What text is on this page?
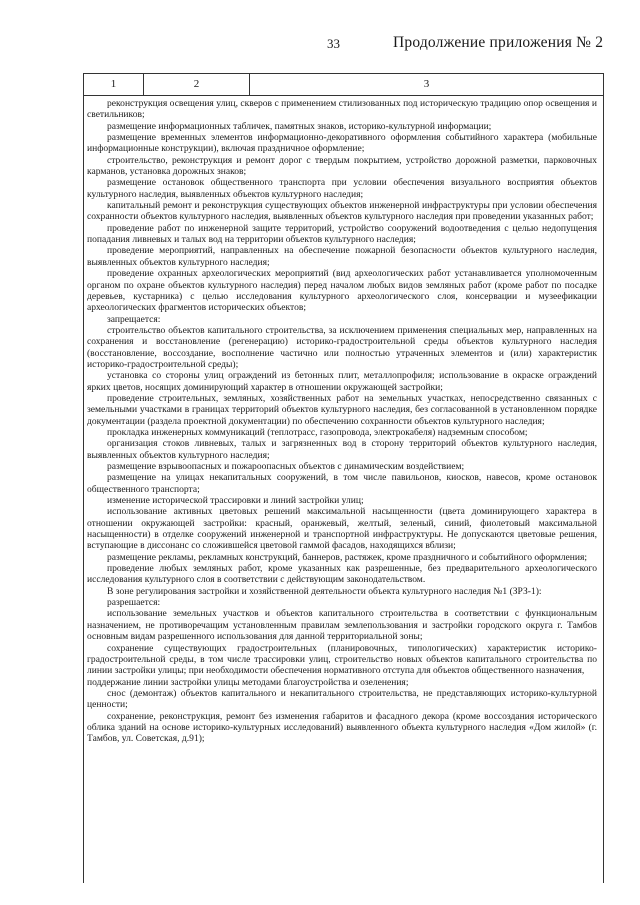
33	Продолжение приложения № 2
1	2	3

реконструкция освещения улиц, скверов с применением стилизованных под историческую традицию опор освещения и светильников;

размещение информационных табличек, памятных знаков, историко-культурной информации;

размещение временных элементов информационно-декоративного оформления событийного характера (мобильные информационные конструкции), включая праздничное оформление;

строительство, реконструкция и ремонт дорог с твердым покрытием, устройство дорожной разметки, парковочных карманов, установка дорожных знаков;

размещение остановок общественного транспорта при условии обеспечения визуального восприятия объектов культурного наследия, выявленных объектов культурного наследия;

капитальный ремонт и реконструкция существующих объектов инженерной инфраструктуры при условии обеспечения сохранности объектов культурного наследия, выявленных объектов культурного наследия при проведении указанных работ;

проведение работ по инженерной защите территорий, устройство сооружений водоотведения с целью недопущения попадания ливневых и талых вод на территории объектов культурного наследия;

проведение мероприятий, направленных на обеспечение пожарной безопасности объектов культурного наследия, выявленных объектов культурного наследия;

проведение охранных археологических мероприятий (вид археологических работ устанавливается уполномоченным органом по охране объектов культурного наследия) перед началом любых видов земляных работ (кроме работ по посадке деревьев, кустарника) с целью исследования культурного археологического слоя, консервации и музеефикации археологических фрагментов исторических объектов;

запрещается:

строительство объектов капитального строительства, за исключением применения специальных мер, направленных на сохранения и восстановление (регенерацию) историко-градостроительной среды объектов культурного наследия (восстановление, воссоздание, восполнение частично или полностью утраченных элементов и (или) характеристик историко-градостроительной среды);

установка со стороны улиц ограждений из бетонных плит, металлопрофиля; использование в окраске ограждений ярких цветов, носящих доминирующий характер в отношении окружающей застройки;

проведение строительных, земляных, хозяйственных работ на земельных участках, непосредственно связанных с земельными участками в границах территорий объектов культурного наследия, без согласованной в установленном порядке документации (раздела проектной документации) по обеспечению сохранности объектов культурного наследия;

прокладка инженерных коммуникаций (теплотрасс, газопровода, электрокабеля) надземным способом;

организация стоков ливневых, талых и загрязненных вод в сторону территорий объектов культурного наследия, выявленных объектов культурного наследия;

размещение взрывоопасных и пожароопасных объектов с динамическим воздействием;

размещение на улицах некапитальных сооружений, в том числе павильонов, киосков, навесов, кроме остановок общественного транспорта;

изменение исторической трассировки и линий застройки улиц;

использование активных цветовых решений максимальной насыщенности (цвета доминирующего характера в отношении окружающей застройки: красный, оранжевый, желтый, зеленый, синий, фиолетовый максимальной насыщенности) в отделке сооружений инженерной и транспортной инфраструктуры. Не допускаются цветовые решения, вступающие в диссонанс со сложившейся цветовой гаммой фасадов, находящихся вблизи;

размещение рекламы, рекламных конструкций, баннеров, растяжек, кроме праздничного и событийного оформления;

проведение любых земляных работ, кроме указанных как разрешенные, без предварительного археологического исследования культурного слоя в соответствии с действующим законодательством.

В зоне регулирования застройки и хозяйственной деятельности объекта культурного наследия №1 (ЗРЗ-1):

разрешается:

использование земельных участков и объектов капитального строительства в соответствии с функциональным назначением, не противоречащим установленным правилам землепользования и застройки городского округа г. Тамбов основным видам разрешенного использования для данной территориальной зоны;

сохранение существующих градостроительных (планировочных, типологических) характеристик историко-градостроительной среды, в том числе трассировки улиц, строительство новых объектов капитального строительства по линии застройки улицы; при необходимости обеспечения нормативного отступа для объектов общественного назначения,

поддержание линии застройки улицы методами благоустройства и озеленения;

снос (демонтаж) объектов капитального и некапитального строительства, не представляющих историко-культурной ценности;

сохранение, реконструкция, ремонт без изменения габаритов и фасадного декора (кроме воссоздания исторического облика зданий на основе историко-культурных исследований) выявленного объекта культурного наследия «Дом жилой» (г. Тамбов, ул. Советская, д.91);
